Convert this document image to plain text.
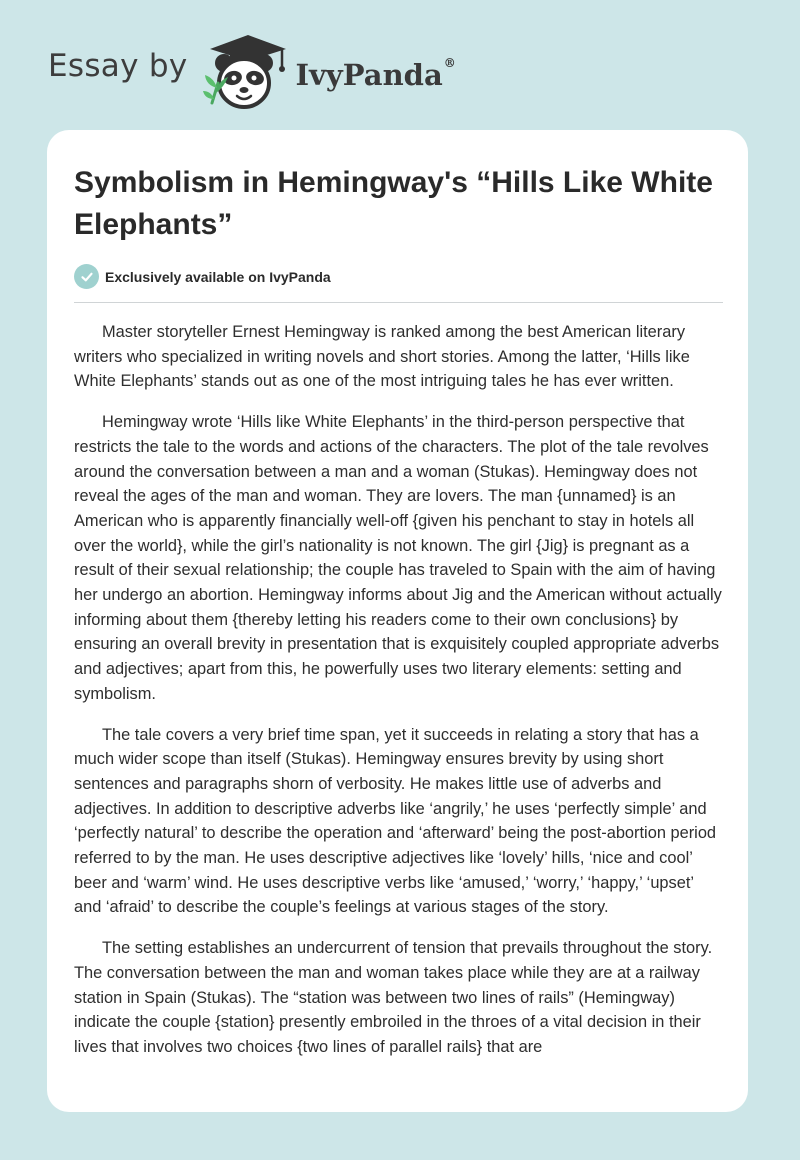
Essay by	IvyPanda®
Symbolism in Hemingway's “Hills Like White Elephants”
Exclusively available on IvyPanda

Master storyteller Ernest Hemingway is ranked among the best American literary writers who specialized in writing novels and short stories. Among the latter, ‘Hills like White Elephants’ stands out as one of the most intriguing tales he has ever written.

Hemingway wrote ‘Hills like White Elephants’ in the third-person perspective that restricts the tale to the words and actions of the characters. The plot of the tale revolves around the conversation between a man and a woman (Stukas). Hemingway does not reveal the ages of the man and woman. They are lovers. The man {unnamed} is an American who is apparently financially well-off {given his penchant to stay in hotels all over the world}, while the girl’s nationality is not known. The girl {Jig} is pregnant as a result of their sexual relationship; the couple has traveled to Spain with the aim of having her undergo an abortion. Hemingway informs about Jig and the American without actually informing about them {thereby letting his readers come to their own conclusions} by ensuring an overall brevity in presentation that is exquisitely coupled appropriate adverbs and adjectives; apart from this, he powerfully uses two literary elements: setting and symbolism.

The tale covers a very brief time span, yet it succeeds in relating a story that has a much wider scope than itself (Stukas). Hemingway ensures brevity by using short sentences and paragraphs shorn of verbosity. He makes little use of adverbs and adjectives. In addition to descriptive adverbs like ‘angrily,’ he uses ‘perfectly simple’ and ‘perfectly natural’ to describe the operation and ‘afterward’ being the post-abortion period referred to by the man. He uses descriptive adjectives like ‘lovely’ hills, ‘nice and cool’ beer and ‘warm’ wind. He uses descriptive verbs like ‘amused,’ ‘worry,’ ‘happy,’ ‘upset’ and ‘afraid’ to describe the couple’s feelings at various stages of the story.

The setting establishes an undercurrent of tension that prevails throughout the story. The conversation between the man and woman takes place while they are at a railway station in Spain (Stukas). The “station was between two lines of rails” (Hemingway) indicate the couple {station} presently embroiled in the throes of a vital decision in their lives that involves two choices {two lines of parallel rails} that are
